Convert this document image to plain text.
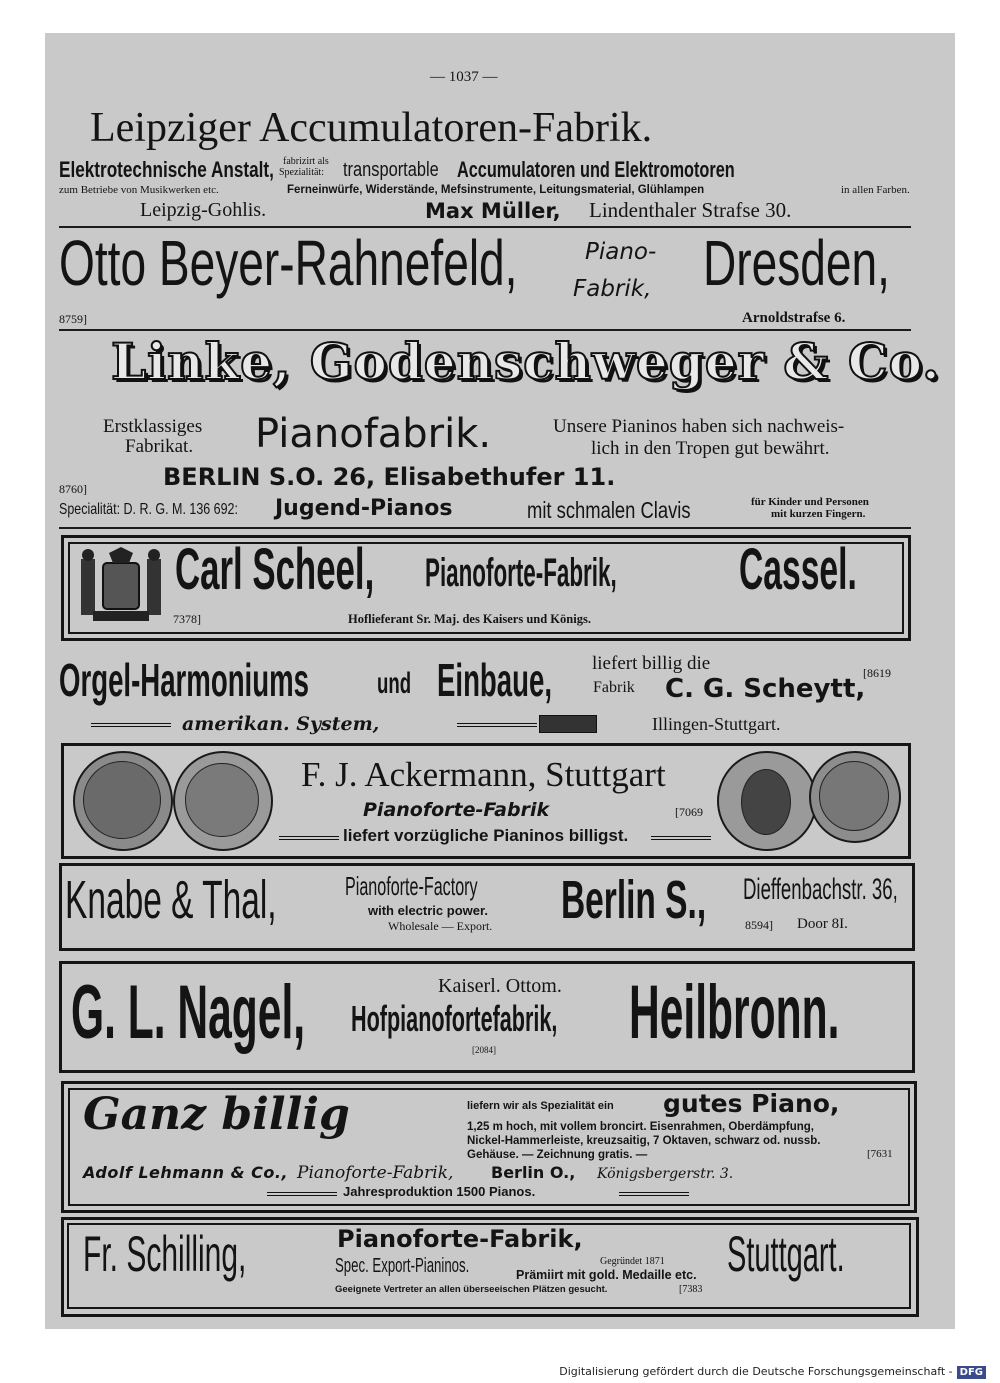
— 1037 —
Leipziger Accumulatoren-Fabrik.
Elektrotechnische Anstalt, fabrizirt als
Spezialität: transportable Accumulatoren und Elektromotoren
zum Betriebe von Musikwerken etc.	Ferneinwürfe, Widerstände, Mefsinstrumente, Leitungsmaterial, Glühlampen	in allen Farben.
Leipzig-Gohlis.	Max Müller, Lindenthaler Strafse 30.
Otto Beyer-Rahnefeld,	Piano-
Fabrik, Dresden,
8759]	Arnoldstrafse 6.
Linke, Godenschweger & Co.
Erstklassiges
Fabrikat. Pianofabrik.	Unsere Pianinos haben sich nachweis-
lich in den Tropen gut bewährt.
BERLIN S.O. 26, Elisabethufer 11.
8760]
Specialität: D. R. G. M. 136 692: Jugend-Pianos	mit schmalen Clavis	für Kinder und Personen
mit kurzen Fingern.
Carl Scheel, Pianoforte-Fabrik, Cassel.
7378]	Hoflieferant Sr. Maj. des Kaisers und Königs.
Orgel-Harmoniums und Einbaue, liefert billig die
Fabrik C. G. Scheytt,
[8619
amerikan. System,	Illingen-Stuttgart.
F. J. Ackermann, Stuttgart
Pianoforte-Fabrik	[7069
liefert vorzügliche Pianinos billigst.
Knabe & Thal,	Pianoforte-Factory
with electric power.
Wholesale — Export. Berlin S., Dieffenbachstr. 36,
8594] Door 8I.
G. L. Nagel,	Kaiserl. Ottom.
Hofpianofortefabrik, Heilbronn.
[2084]
Ganz billig	liefern wir als Spezialität ein gutes Piano,
1,25 m hoch, mit vollem broncirt. Eisenrahmen, Oberdämpfung,
Nickel-Hammerleiste, kreuzsaitig, 7 Oktaven, schwarz od. nussb.
Gehäuse. — Zeichnung gratis. —	[7631
Adolf Lehmann & Co., Pianoforte-Fabrik, Berlin O., Königsbergerstr. 3.
Jahresproduktion 1500 Pianos.
Fr. Schilling,	Pianoforte-Fabrik,	Stuttgart.
Spec. Export-Pianinos.	Gegründet 1871
Prämiirt mit gold. Medaille etc.
Geeignete Vertreter an allen überseeischen Plätzen gesucht.	[7383
Digitalisierung gefördert durch die Deutsche Forschungsgemeinschaft - DFG
